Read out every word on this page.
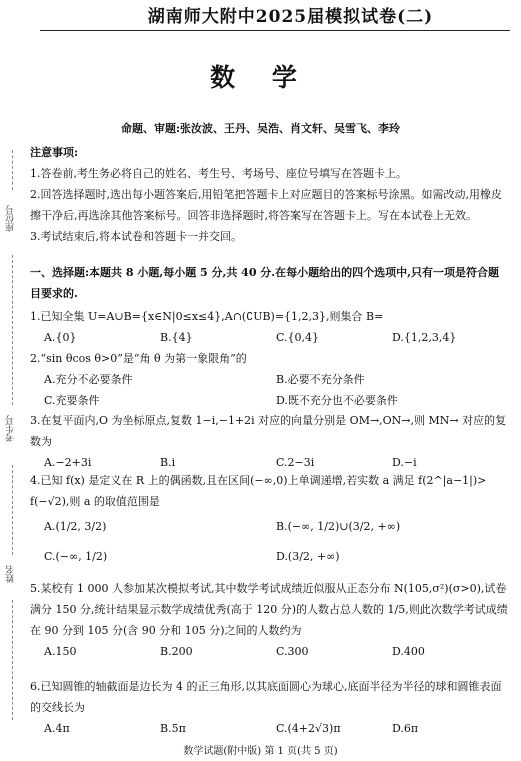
湖南师大附中2025届模拟试卷(二)
数 学
命题、审题:张汝波、王丹、吴浩、肖文轩、吴雪飞、李玲
注意事项:
1.答卷前,考生务必将自己的姓名、考生号、考场号、座位号填写在答题卡上。
2.回答选择题时,选出每小题答案后,用铅笔把答题卡上对应题目的答案标号涂黑。如需改动,用橡皮擦干净后,再选涂其他答案标号。回答非选择题时,将答案写在答题卡上。写在本试卷上无效。
3.考试结束后,将本试卷和答题卡一并交回。
一、选择题:本题共 8 小题,每小题 5 分,共 40 分.在每小题给出的四个选项中,只有一项是符合题目要求的.
1.已知全集 U=A∪B={x∈N|0≤x≤4},A∩(∁UB)={1,2,3},则集合 B=
A.{0}	B.{4}	C.{0,4}	D.{1,2,3,4}
2.“sin θcos θ>0”是“角 θ 为第一象限角”的
A.充分不必要条件	B.必要不充分条件
C.充要条件	D.既不充分也不必要条件
3.在复平面内,O 为坐标原点,复数 1−i,−1+2i 对应的向量分别是 OM→,ON→,则 MN→ 对应的复数为
A.−2+3i	B.i	C.2−3i	D.−i
4.已知 f(x) 是定义在 R 上的偶函数,且在区间(−∞,0)上单调递增,若实数 a 满足 f(2^|a−1|)> f(−√2),则 a 的取值范围是
A.(1/2, 3/2)	B.(−∞, 1/2)∪(3/2, +∞)
C.(−∞, 1/2)	D.(3/2, +∞)
5.某校有 1 000 人参加某次模拟考试,其中数学考试成绩近似服从正态分布 N(105,σ²)(σ>0),试卷满分 150 分,统计结果显示数学成绩优秀(高于 120 分)的人数占总人数的 1/5,则此次数学考试成绩在 90 分到 105 分(含 90 分和 105 分)之间的人数约为
A.150	B.200	C.300	D.400
6.已知圆锥的轴截面是边长为 4 的正三角形,以其底面圆心为球心,底面半径为半径的球和圆锥表面的交线长为
A.4π	B.5π	C.(4+2√3)π	D.6π
座位号
考生号
姓名
数学试题(附中版) 第 1 页(共 5 页)
